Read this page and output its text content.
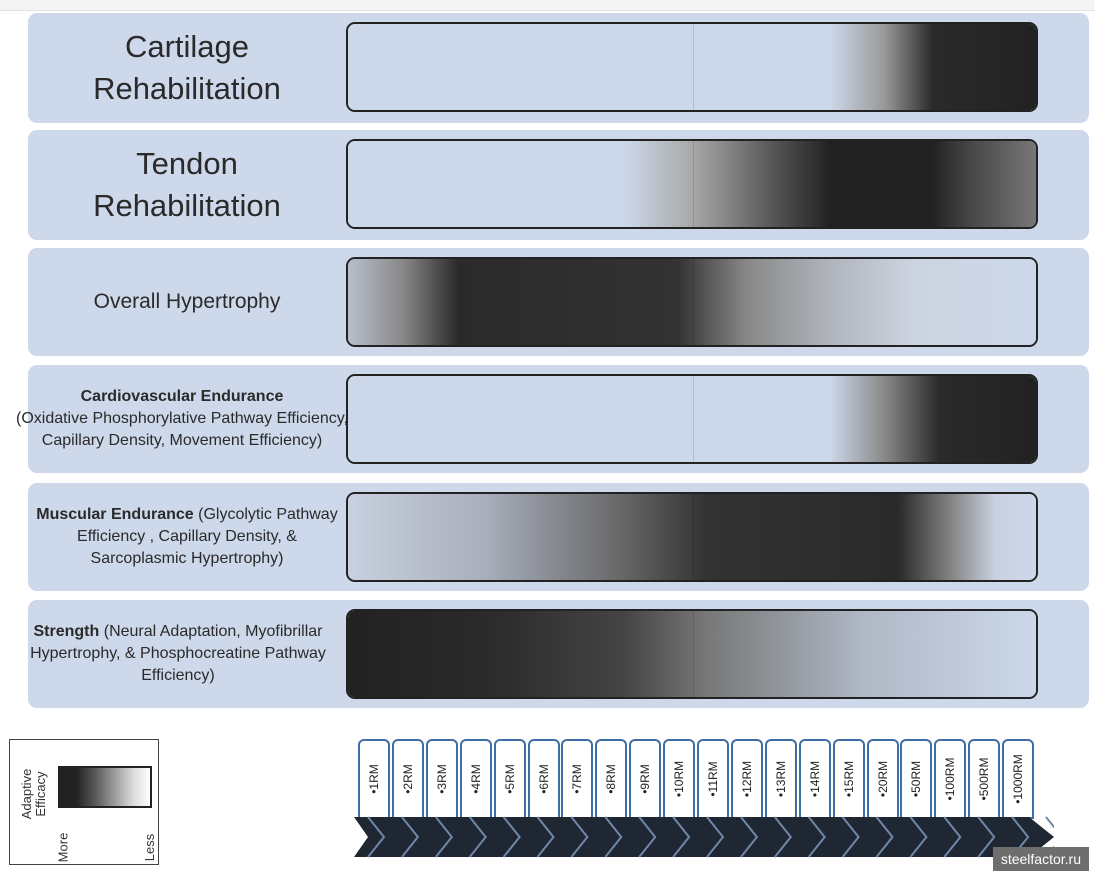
Cartilage
Rehabilitation
Tendon
Rehabilitation
Overall Hypertrophy
Cardiovascular Endurance
(Oxidative Phosphorylative Pathway Efficiency, Capillary Density, Movement Efficiency)
Muscular Endurance (Glycolytic Pathway Efficiency , Capillary Density, & Sarcoplasmic Hypertrophy)
Strength (Neural Adaptation, Myofibrillar Hypertrophy, & Phosphocreatine Pathway Efficiency)
Adaptive Efficacy
More	Less
•1RM •2RM •3RM •4RM •5RM •6RM •7RM •8RM •9RM •10RM •11RM •12RM •13RM •14RM •15RM •20RM •50RM •100RM •500RM •1000RM
steelfactor.ru
